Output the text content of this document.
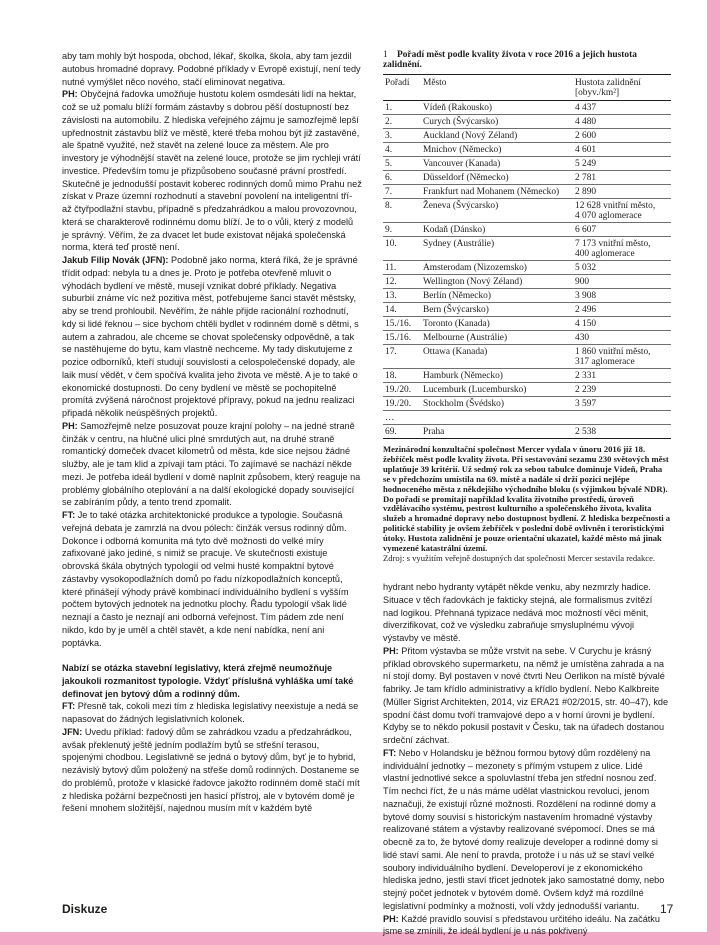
aby tam mohly být hospoda, obchod, lékař, školka, škola, aby tam jezdil autobus hromadné dopravy. Podobné příklady v Evropě existují, není tedy nutné vymýšlet něco nového, stačí eliminovat negativa.

PH: Obyčejná řadovka umožňuje hustotu kolem osmdesáti lidí na hektar, což se už pomalu blíží formám zástavby s dobrou pěší dostupností bez závislosti na automobilu. Z hlediska veřejného zájmu je samozřejmě lepší upřednostnit zástavbu blíž ve městě, které třeba mohou být již zastavěné, ale špatně využité, než stavět na zelené louce za městem. Ale pro investory je výhodnější stavět na zelené louce, protože se jim rychleji vrátí investice. Především tomu je přizpůsobeno současné právní prostředí. Skutečně je jednodušší postavit koberec rodinných domů mimo Prahu než získat v Praze územní rozhodnutí a stavební povolení na inteligentní tří- až čtyřpodlažní stavbu, případně s předzahrádkou a malou provozovnou, která se charakterově rodinnému domu blíží. Je to o vůli, který z modelů je správný. Věřím, že za dvacet let bude existovat nějaká společenská norma, která teď prostě není.

Jakub Filip Novák (JFN): Podobně jako norma, která říká, že je správné třídit odpad: nebyla tu a dnes je. Proto je potřeba otevřeně mluvit o výhodách bydlení ve městě, musejí vznikat dobré příklady. Negativa suburbií známe víc než pozitiva měst, potřebujeme šanci stavět městsky, aby se trend prohloubil. Nevěřím, že náhle přijde racionální rozhodnutí, kdy si lidé řeknou – sice bychom chtěli bydlet v rodinném domě s dětmi, s autem a zahradou, ale chceme se chovat společensky odpovědně, a tak se nastěhujeme do bytu, kam vlastně nechceme. My tady diskutujeme z pozice odborníků, kteří studují souvislosti a celospolečenské dopady, ale laik musí vědět, v čem spočívá kvalita jeho života ve městě. A je to také o ekonomické dostupnosti. Do ceny bydlení ve městě se pochopitelně promítá zvýšená náročnost projektové přípravy, pokud na jednu realizaci připadá několik neúspěšných projektů.

PH: Samozřejmě nelze posuzovat pouze krajní polohy – na jedné straně činžák v centru, na hlučné ulici plné smrdutých aut, na druhé straně romantický domeček dvacet kilometrů od města, kde sice nejsou žádné služby, ale je tam klid a zpívají tam ptáci. To zajímavé se nachází někde mezi. Je potřeba ideál bydlení v domě naplnit způsobem, který reaguje na problémy globálního oteplování a na další ekologické dopady související se zabíráním půdy, a tento trend zpomalit.

FT: Je to také otázka architektonické produkce a typologie. Současná veřejná debata je zamrzlá na dvou pólech: činžák versus rodinný dům. Dokonce i odborná komunita má tyto dvě možnosti do velké míry zafixované jako jediné, s nimiž se pracuje. Ve skutečnosti existuje obrovská škála obytných typologií od velmi husté kompaktní bytové zástavby vysokopodlažních domů po řadu nízkopodlažních konceptů, které přinášejí výhody právě kombinací individuálního bydlení s vyšším počtem bytových jednotek na jednotku plochy. Řadu typologií však lidé neznají a často je neznají ani odborná veřejnost. Tím pádem zde není nikdo, kdo by je uměl a chtěl stavět, a kde není nabídka, není ani poptávka.

Nabízí se otázka stavební legislativy, která zřejmě neumožňuje jakoukoli rozmanitost typologie. Vždyť příslušná vyhláška umí také definovat jen bytový dům a rodinný dům.

FT: Přesně tak, cokoli mezi tím z hlediska legislativy neexistuje a nedá se napasovat do žádných legislativních kolonek.

JFN: Uvedu příklad: řadový dům se zahrádkou vzadu a předzahrádkou, avšak překlenutý ještě jedním podlažím bytů se střešní terasou, spojenými chodbou. Legislativně se jedná o bytový dům, byť je to hybrid, nezávislý bytový dům položený na střeše domů rodinných. Dostaneme se do problémů, protože v klasické řadovce jakožto rodinném domě stačí mít z hlediska požární bezpečnosti jen hasicí přístroj, ale v bytovém domě je řešení mnohem složitější, najednou musím mít v každém bytě

1 Pořadí měst podle kvality života v roce 2016 a jejich hustota zalidnění.

Pořadí	Město	Hustota zalidnění [obyv./km²]
1.	Vídeň (Rakousko)	4 437
2.	Curych (Švýcarsko)	4 480
3.	Auckland (Nový Zéland)	2 600
4.	Mnichov (Německo)	4 601
5.	Vancouver (Kanada)	5 249
6.	Düsseldorf (Německo)	2 781
7.	Frankfurt nad Mohanem (Německo)	2 890
8.	Ženeva (Švýcarsko)	12 628 vnitřní město,
4 070 aglomerace
9.	Kodaň (Dánsko)	6 607
10.	Sydney (Austrálie)	7 173 vnitřní město,
400 aglomerace
11.	Amsterodam (Nizozemsko)	5 032
12.	Wellington (Nový Zéland)	900
13.	Berlín (Německo)	3 908
14.	Bern (Švýcarsko)	2 496
15./16.	Toronto (Kanada)	4 150
15./16.	Melbourne (Austrálie)	430
17.	Ottawa (Kanada)	1 860 vnitřní město,
317 aglomerace
18.	Hamburk (Německo)	2 331
19./20.	Lucemburk (Lucembursko)	2 239
19./20.	Stockholm (Švédsko)	3 597
…		
69.	Praha	2 538

Mezinárodní konzultační společnost Mercer vydala v únoru 2016 již 18. žebříček měst podle kvality života. Při sestavování sezamu 230 světových měst uplatňuje 39 kritérií. Už sedmý rok za sebou tabulce dominuje Vídeň, Praha se v předchozím umístila na 69. místě a nadále si drží pozici nejlépe hodnoceného města z někdejšího východního bloku (s výjimkou bývalé NDR). Do pořadí se promítají například kvalita životního prostředí, úroveň vzdělávacího systému, pestrost kulturního a společenského života, kvalita služeb a hromadné dopravy nebo dostupnost bydlení. Z hlediska bezpečnosti a politické stability je ovšem žebříček v poslední době ovlivněn i teroristickými útoky. Hustota zalidnění je pouze orientační ukazatel, každé město má jinak vymezené katastrální území.
Zdroj: s využitím veřejně dostupných dat společnosti Mercer sestavila redakce.

hydrant nebo hydranty vytápět někde venku, aby nezmrzly hadice. Situace v těch řadovkách je fakticky stejná, ale formalismus zvítězí nad logikou. Přehnaná typizace nedává moc možností věci měnit, diverzifikovat, což ve výsledku zabraňuje smysluplnému vývoji výstavby ve městě.

PH: Přitom výstavba se může vrstvit na sebe. V Curychu je krásný příklad obrovského supermarketu, na němž je umístěna zahrada a na ní stojí domy. Byl postaven v nové čtvrti Neu Oerlikon na místě bývalé fabriky. Je tam křídlo administrativy a křídlo bydlení. Nebo Kalkbreite (Müller Sigrist Architekten, 2014, viz ERA21 #02/2015, str. 40–47), kde spodní část domu tvoří tramvajové depo a v horní úrovni je bydlení. Kdyby se to někdo pokusil postavit v Česku, tak na úřadech dostanou srdeční záchvat.

FT: Nebo v Holandsku je běžnou formou bytový dům rozdělený na individuální jednotky – mezonety s přímým vstupem z ulice. Lidé vlastní jednotlivé sekce a spoluvlastní třeba jen střední nosnou zeď. Tím nechci říct, že u nás máme udělat vlastnickou revoluci, jenom naznačuji, že existují různé možnosti. Rozdělení na rodinné domy a bytové domy souvisí s historickým nastavením hromadné výstavby realizované státem a výstavby realizované svépomocí. Dnes se má obecně za to, že bytové domy realizuje developer a rodinné domy si lidé staví sami. Ale není to pravda, protože i u nás už se staví velké soubory individuálního bydlení. Developeroví je z ekonomického hlediska jedno, jestli staví třicet jednotek jako samostatné domy, nebo stejný počet jednotek v bytovém domě. Ovšem když má rozdílné legislativní podmínky a možnosti, volí vždy jednodušší variantu.

PH: Každé pravidlo souvisí s představou určitého ideálu. Na začátku jsme se zmínili, že ideál bydlení je u nás pokřivený

Diskuze	17
